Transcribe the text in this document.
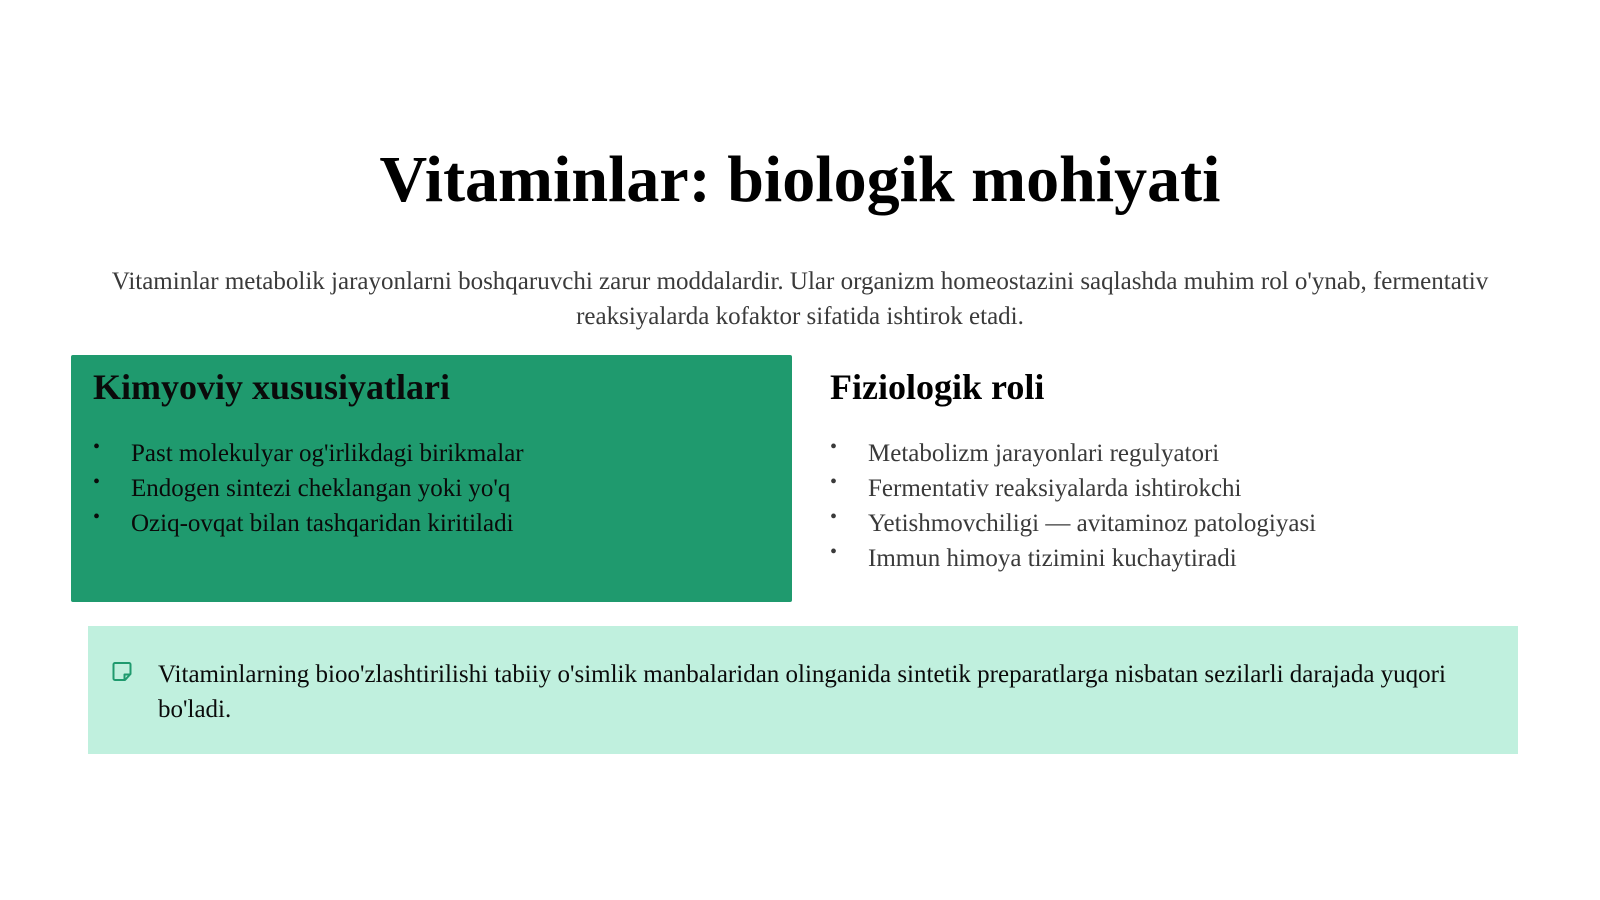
Vitaminlar: biologik mohiyati
Vitaminlar metabolik jarayonlarni boshqaruvchi zarur moddalardir. Ular organizm homeostazini saqlashda muhim rol o'ynab, fermentativ reaksiyalarda kofaktor sifatida ishtirok etadi.
Kimyoviy xususiyatlari
• Past molekulyar og'irlikdagi birikmalar
• Endogen sintezi cheklangan yoki yo'q
• Oziq-ovqat bilan tashqaridan kiritiladi
Fiziologik roli
• Metabolizm jarayonlari regulyatori
• Fermentativ reaksiyalarda ishtirokchi
• Yetishmovchiligi — avitaminoz patologiyasi
• Immun himoya tizimini kuchaytiradi
Vitaminlarning bioo'zlashtirilishi tabiiy o'simlik manbalaridan olinganida sintetik preparatlarga nisbatan sezilarli darajada yuqori bo'ladi.
